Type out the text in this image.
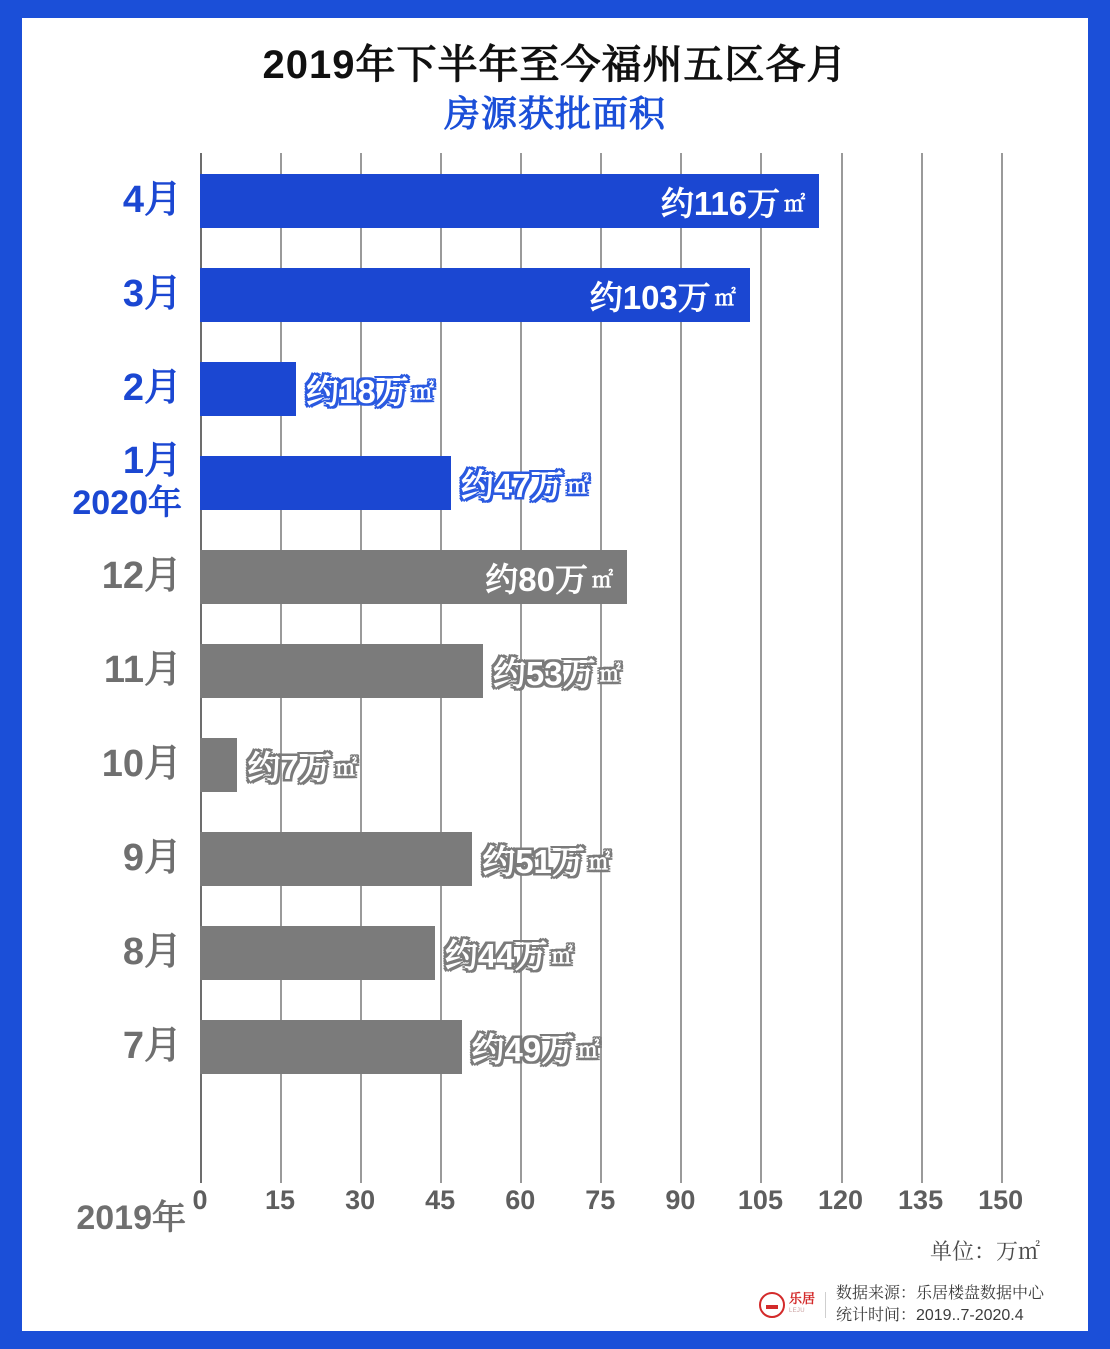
2019年下半年至今福州五区各月
房源获批面积
4月
3月
2月
1月
2020年
12月
11月
10月
9月
8月
7月
约116万 ㎡
约103万 ㎡
约18万 ㎡
约47万 ㎡
约80万 ㎡
约53万 ㎡
约7万 ㎡
约51万 ㎡
约44万 ㎡
约49万 ㎡
0 15 30 45 60 75 90 105 120 135 150
2019年
单位：万㎡
乐居
LEJU
数据来源：乐居楼盘数据中心
统计时间：2019..7-2020.4
